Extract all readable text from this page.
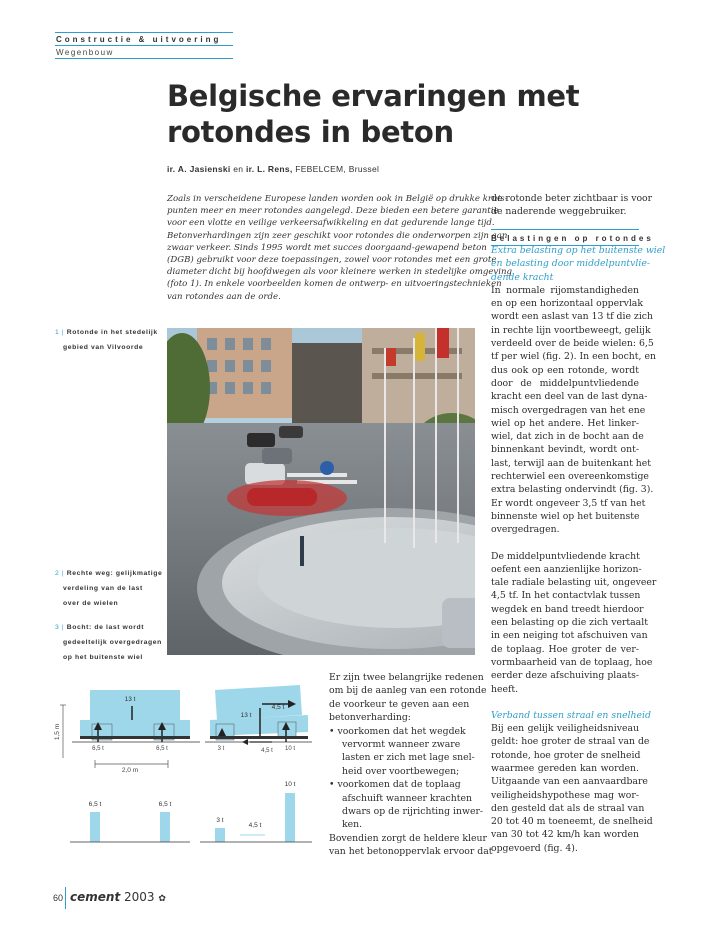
Constructie & uitvoering
Wegenbouw
Belgische ervaringen met
rotondes in beton
ir. A. Jasienski en ir. L. Rens, FEBELCEM, Brussel
Zoals in verscheidene Europese landen worden ook in België op drukke kruis-
punten meer en meer rotondes aangelegd. Deze bieden een betere garantie
voor een vlotte en veilige verkeersafwikkeling en dat gedurende lange tijd.
Betonverhardingen zijn zeer geschikt voor rotondes die onderworpen zijn aan
zwaar verkeer. Sinds 1995 wordt met succes doorgaand-gewapend beton
(DGB) gebruikt voor deze toepassingen, zowel voor rotondes met een grote
diameter dicht bij hoofdwegen als voor kleinere werken in stedelijke omgeving
(foto 1). In enkele voorbeelden komen de ontwerp- en uitvoeringstechnieken
van rotondes aan de orde.
de rotonde beter zichtbaar is voor
de naderende weggebruiker.
Belastingen op rotondes
Extra belasting op het buitenste wiel
en belasting door middelpuntvlie-
dende kracht
In normale rijomstandigheden
en op een horizontaal oppervlak
wordt een aslast van 13 tf die zich
in rechte lijn voortbeweegt, gelijk
verdeeld over de beide wielen: 6,5
tf per wiel (fig. 2). In een bocht, en
dus ook op een rotonde, wordt
door de middelpuntvliedende
kracht een deel van de last dyna-
misch overgedragen van het ene
wiel op het andere. Het linker-
wiel, dat zich in de bocht aan de
binnenkant bevindt, wordt ont-
last, terwijl aan de buitenkant het
rechterwiel een overeenkomstige
extra belasting ondervindt (fig. 3).
Er wordt ongeveer 3,5 tf van het
binnenste wiel op het buitenste
overgedragen.
De middelpuntvliedende kracht
oefent een aanzienlijke horizon-
tale radiale belasting uit, ongeveer
4,5 tf. In het contactvlak tussen
wegdek en band treedt hierdoor
een belasting op die zich vertaalt
in een neiging tot afschuiven van
de toplaag. Hoe groter de ver-
vormbaarheid van de toplaag, hoe
eerder deze afschuiving plaats-
heeft.
Verband tussen straal en snelheid
Bij een gelijk veiligheidsniveau
geldt: hoe groter de straal van de
rotonde, hoe groter de snelheid
waarmee gereden kan worden.
Uitgaande van een aanvaardbare
veiligheidshypothese mag wor-
den gesteld dat als de straal van
20 tot 40 m toeneemt, de snelheid
van 30 tot 42 km/h kan worden
opgevoerd (fig. 4).
1 | Rotonde in het stedelijk
gebied van Vilvoorde
2 | Rechte weg: gelijkmatige
verdeling van de last
over de wielen
3 | Bocht: de last wordt
gedeeltelijk overgedragen
op het buitenste wiel
Er zijn twee belangrijke redenen
om bij de aanleg van een rotonde
de voorkeur te geven aan een
betonverharding:
• voorkomen dat het wegdek
vervormt wanneer zware
lasten er zich met lage snel-
heid over voortbewegen;
• voorkomen dat de toplaag
afschuift wanneer krachten
dwars op de rijrichting inwer-
ken.
Bovendien zorgt de heldere kleur
van het betonoppervlak ervoor dat
1,5 m
13 t
6,5 t	6,5 t
2,0 m
6,5 t	6,5 t
13 t
4,5 t
3 t	4,5 t 10 t
3 t
4,5 t
10 t
60 cement 2003 ✿
